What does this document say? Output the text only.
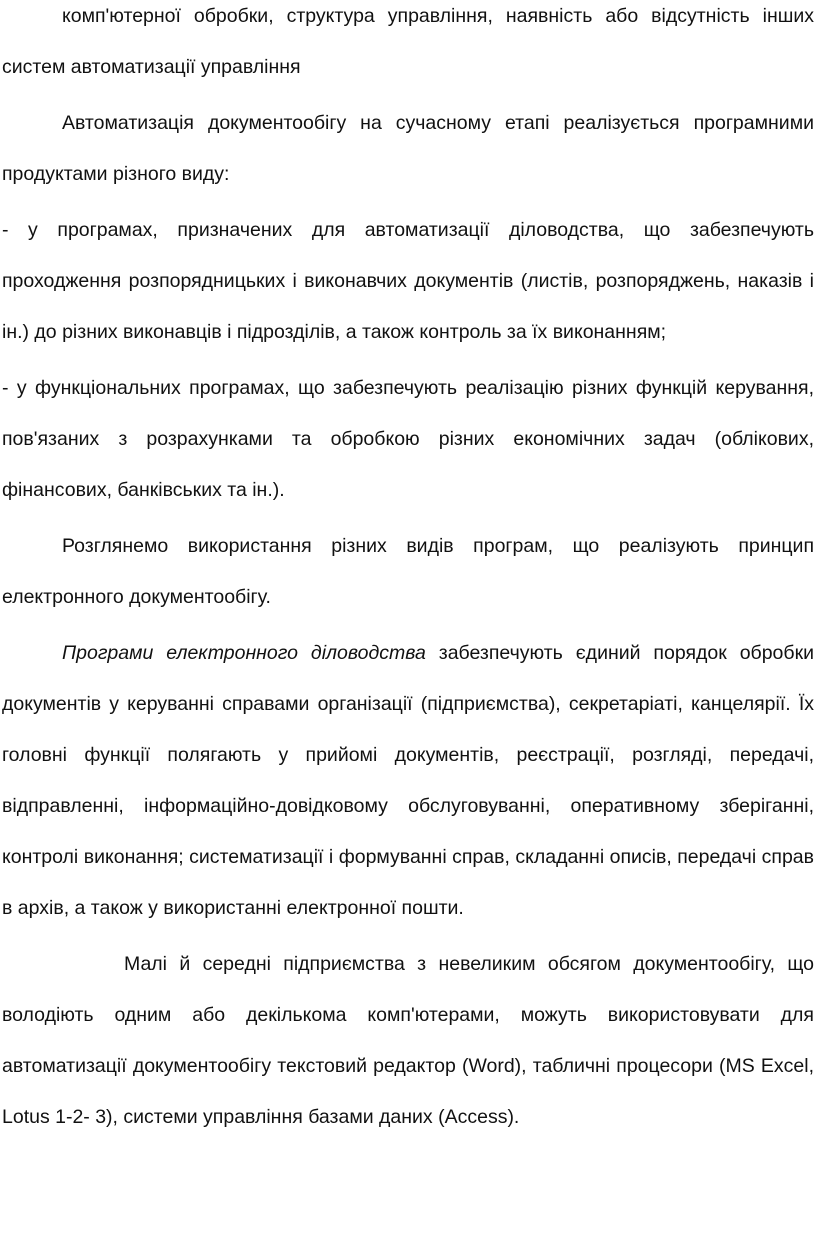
комп'ютерної обробки, структура управління, наявність або відсутність інших систем автоматизації управління

Автоматизація документообігу на сучасному етапі реалізується програмними продуктами різного виду:

- у програмах, призначених для автоматизації діловодства, що забезпечують проходження розпорядницьких і виконавчих документів (листів, розпоряджень, наказів і ін.) до різних виконавців і підрозділів, а також контроль за їх виконанням;

- у функціональних програмах, що забезпечують реалізацію різних функцій керування, пов'язаних з розрахунками та обробкою різних економічних задач (облікових, фінансових, банківських та ін.).

Розглянемо використання різних видів програм, що реалізують принцип електронного документообігу.

Програми електронного діловодства забезпечують єдиний порядок обробки документів у керуванні справами організації (підприємства), секретаріаті, канцелярії. Їх головні функції полягають у прийомі документів, реєстрації, розгляді, передачі, відправленні, інформаційно-довідковому обслуговуванні, оперативному зберіганні, контролі виконання; систематизації і формуванні справ, складанні описів, передачі справ в архів, а також у використанні електронної пошти.

Малі й середні підприємства з невеликим обсягом документообігу, що володіють одним або декількома комп'ютерами, можуть використовувати для автоматизації документообігу текстовий редактор (Word), табличні процесори (MS Excel, Lotus 1-2- 3), системи управління базами даних (Access).
